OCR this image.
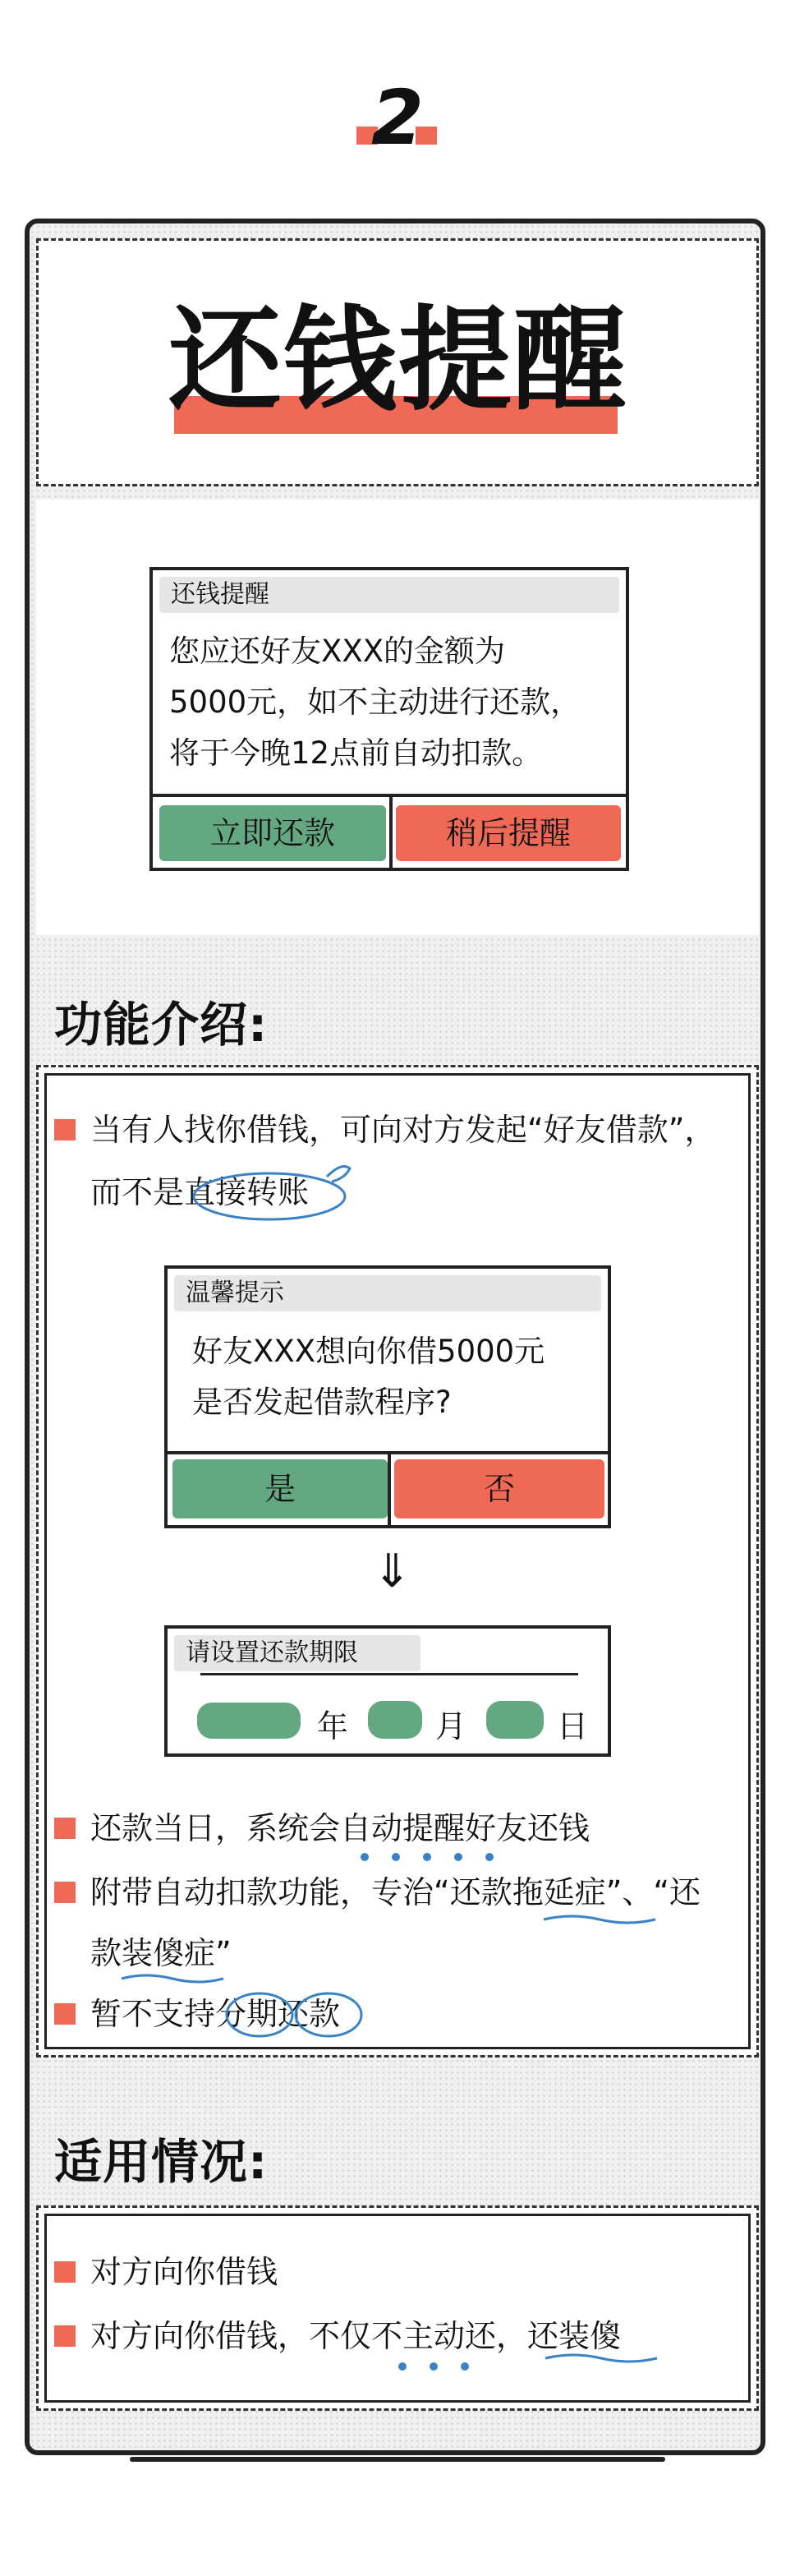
2
还钱提醒
还钱提醒
您应还好友XXX的金额为
5000元，如不主动进行还款，
将于今晚12点前自动扣款。
立即还款	稍后提醒
功能介绍:
当有人找你借钱，可向对方发起“好友借款”，
而不是直接转账
温馨提示
好友XXX想向你借5000元
是否发起借款程序?
是	否
⇓
请设置还款期限
年	月	日
还款当日，系统会自动提醒好友还钱
附带自动扣款功能，专治“还款拖延症”、“还
款装傻症”
暂不支持分期还款
适用情况:
对方向你借钱
对方向你借钱，不仅不主动还，还装傻
